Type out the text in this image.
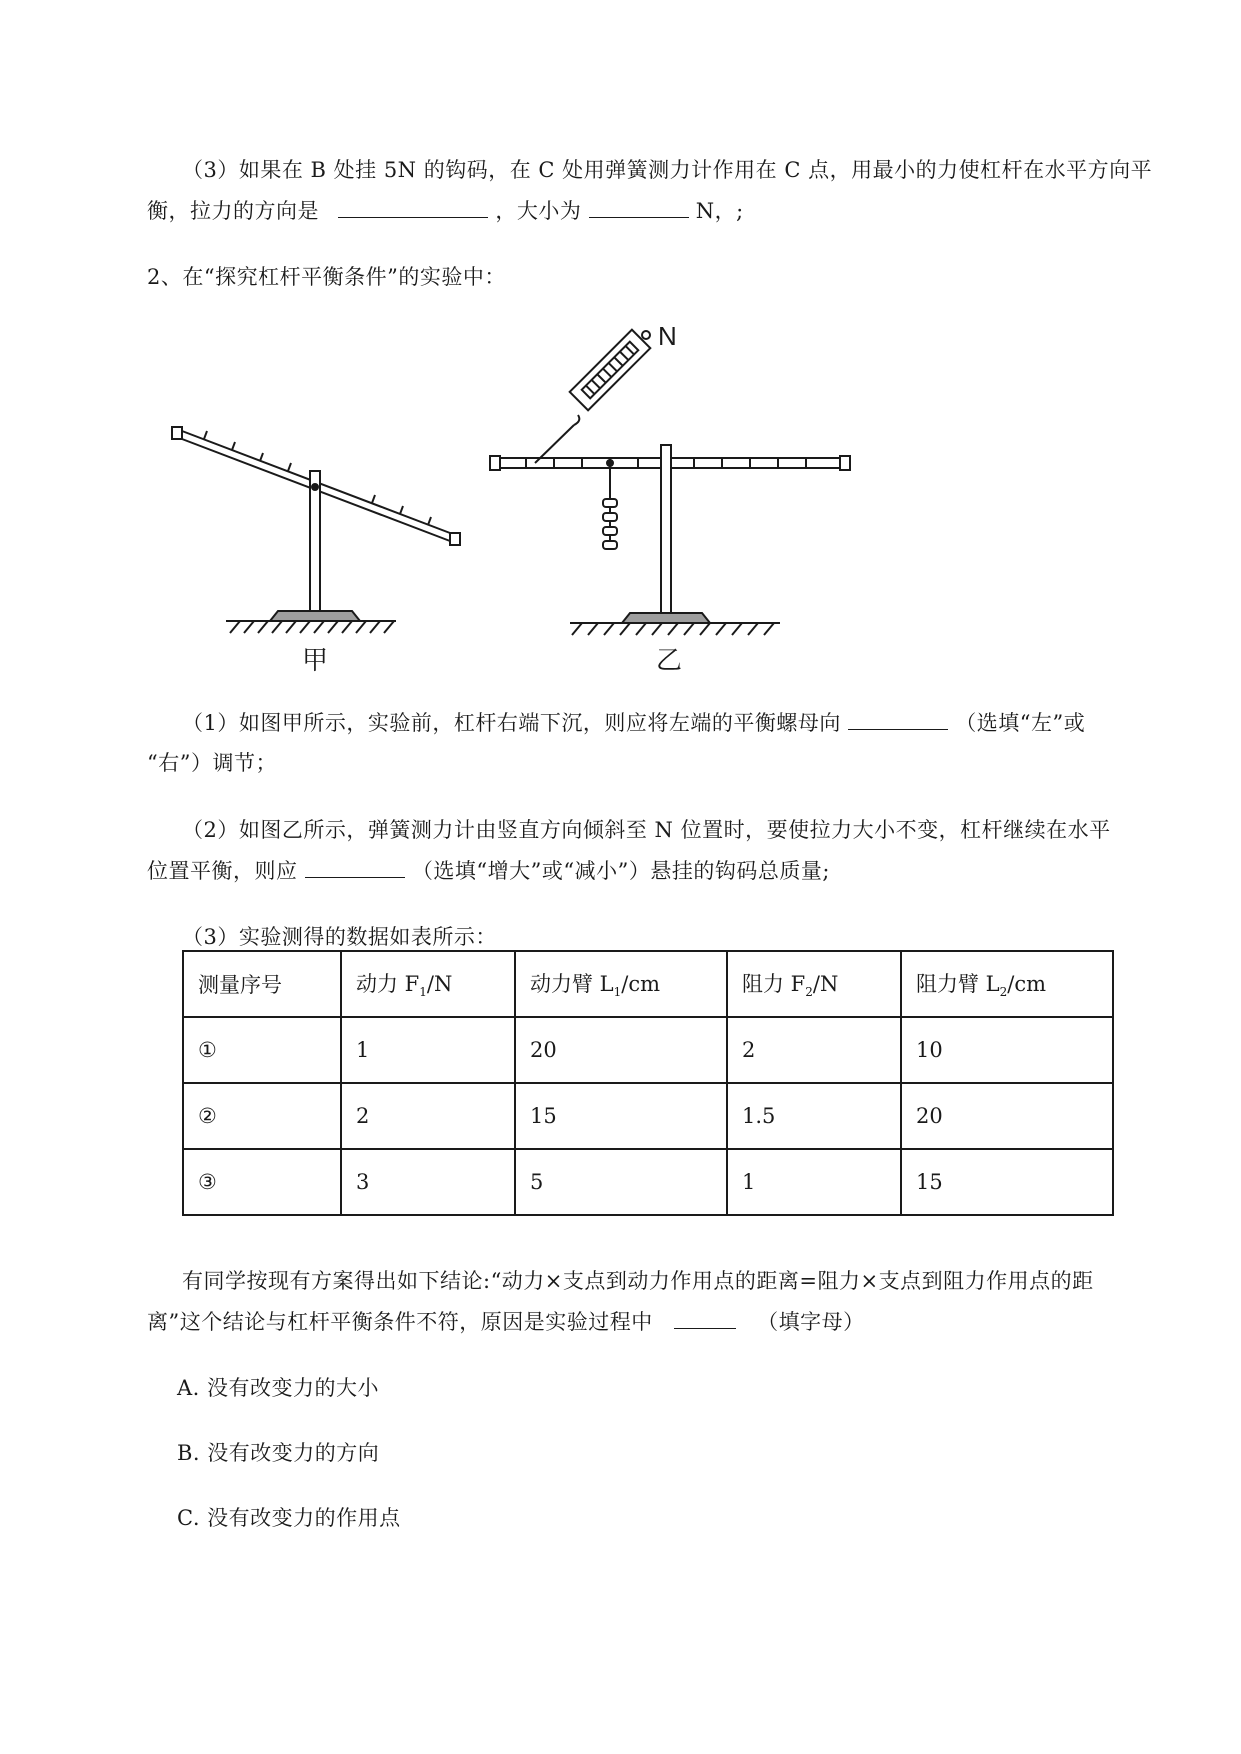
（3）如果在 B 处挂 5N 的钩码，在 C 处用弹簧测力计作用在 C 点，用最小的力使杠杆在水平方向平
衡，拉力的方向是	，大小为	N，;
2、在“探究杠杆平衡条件”的实验中：
N
甲	乙
（1）如图甲所示，实验前，杠杆右端下沉，则应将左端的平衡螺母向	（选填“左”或
“右”）调节；
（2）如图乙所示，弹簧测力计由竖直方向倾斜至 N 位置时，要使拉力大小不变，杠杆继续在水平
位置平衡，则应	（选填“增大”或“减小”）悬挂的钩码总质量;
（3）实验测得的数据如表所示：
测量序号	动力 $F_1/N$	动力臂 $L_1/cm$	阻力 $F_2/N$	阻力臂 $L_2/cm$
①	1	20	2	10
②	2	15	1.5	20
③	3	5	1	15
有同学按现有方案得出如下结论:“动力×支点到动力作用点的距离=阻力×支点到阻力作用点的距
离”这个结论与杠杆平衡条件不符，原因是实验过程中	（填字母）
A. 没有改变力的大小
B. 没有改变力的方向
C. 没有改变力的作用点
